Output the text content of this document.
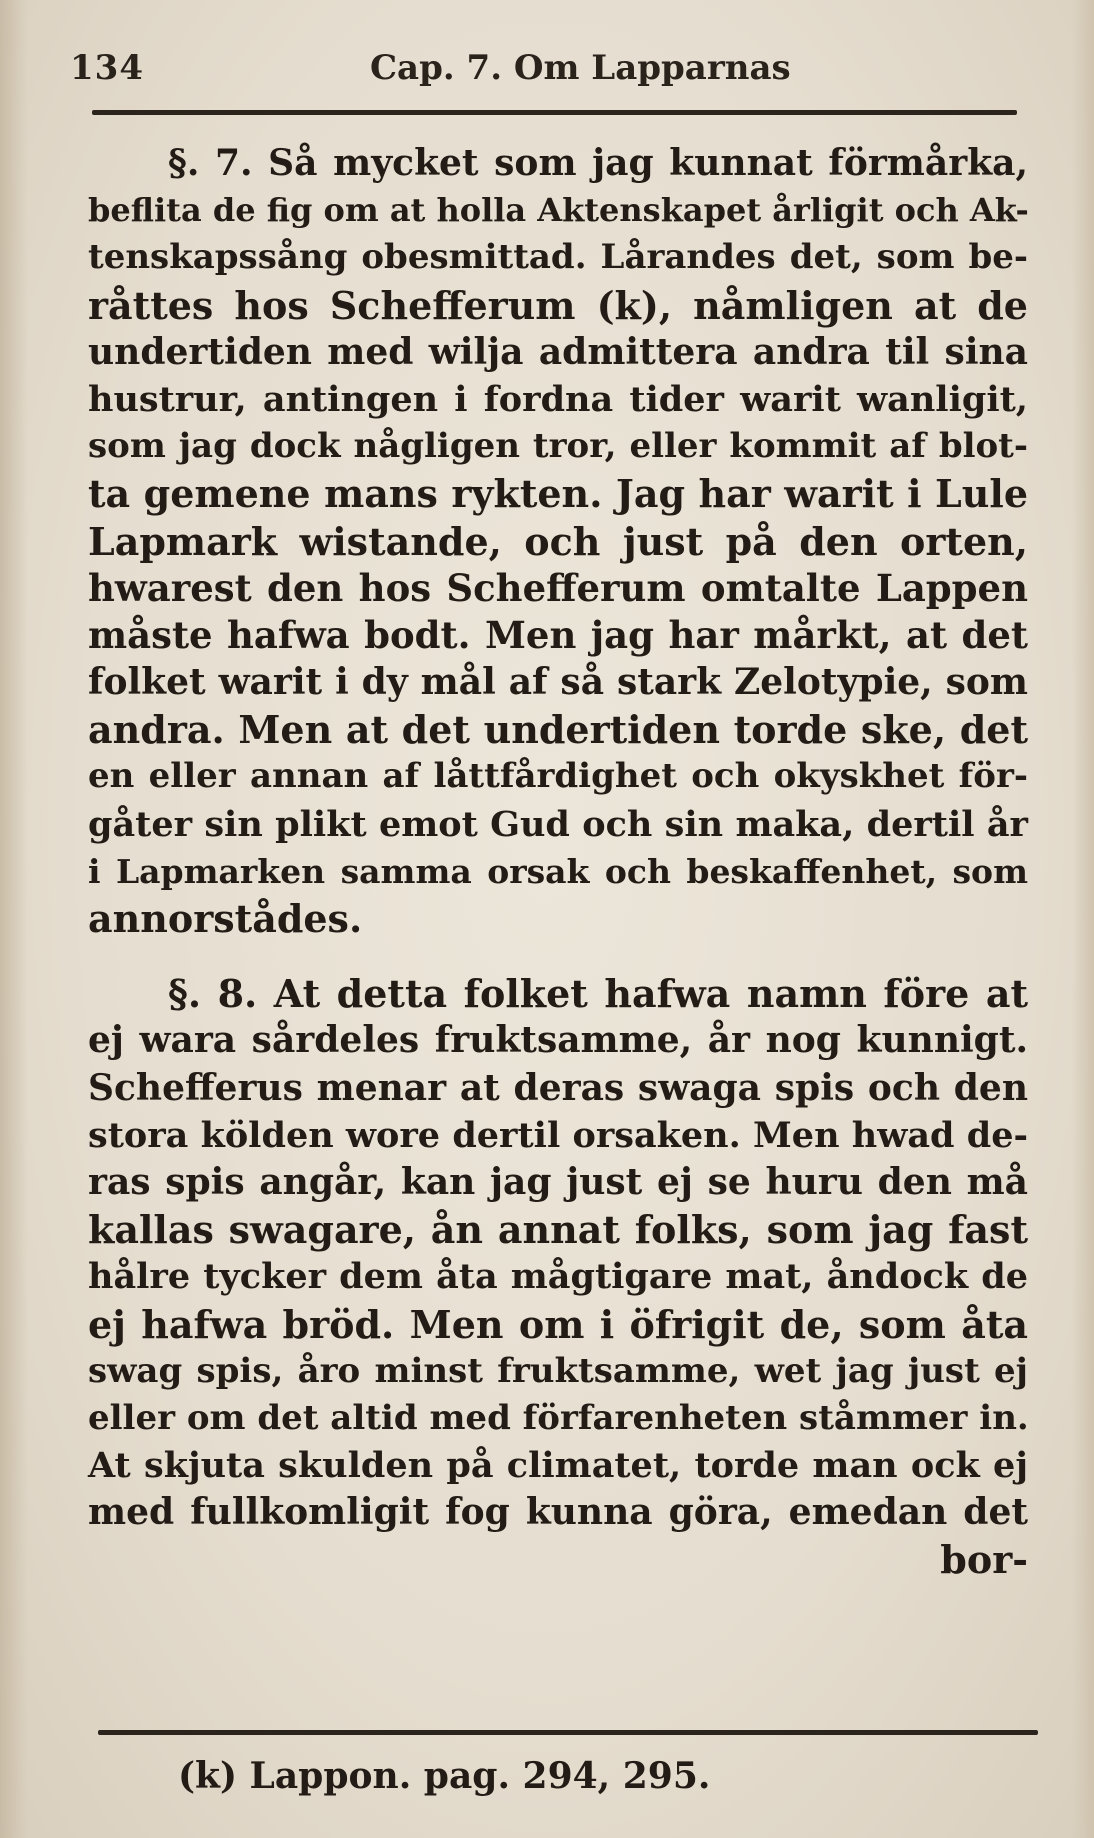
134	Cap. 7. Om Lapparnas
§. 7. Så mycket som jag kunnat förmårka,
beflita de fig om at holla Aktenskapet årligit och Ak-
tenskapssång obesmittad. Lårandes det, som be-
råttes hos Schefferum (k), nåmligen at de
undertiden med wilja admittera andra til sina
hustrur, antingen i fordna tider warit wanligit,
som jag dock någligen tror, eller kommit af blot-
ta gemene mans rykten. Jag har warit i Lule
Lapmark wistande, och just på den orten,
hwarest den hos Schefferum omtalte Lappen
måste hafwa bodt. Men jag har mårkt, at det
folket warit i dy mål af så stark Zelotypie, som
andra. Men at det undertiden torde ske, det
en eller annan af låttfårdighet och okyskhet för-
gåter sin plikt emot Gud och sin maka, dertil år
i Lapmarken samma orsak och beskaffenhet, som
annorstådes.
§. 8. At detta folket hafwa namn före at
ej wara sårdeles fruktsamme, år nog kunnigt.
Schefferus menar at deras swaga spis och den
stora kölden wore dertil orsaken. Men hwad de-
ras spis angår, kan jag just ej se huru den må
kallas swagare, ån annat folks, som jag fast
hålre tycker dem åta mågtigare mat, åndock de
ej hafwa bröd. Men om i öfrigit de, som åta
swag spis, åro minst fruktsamme, wet jag just ej
eller om det altid med förfarenheten ståmmer in.
At skjuta skulden på climatet, torde man ock ej
med fullkomligit fog kunna göra, emedan det
bor-
(k) Lappon. pag. 294, 295.
